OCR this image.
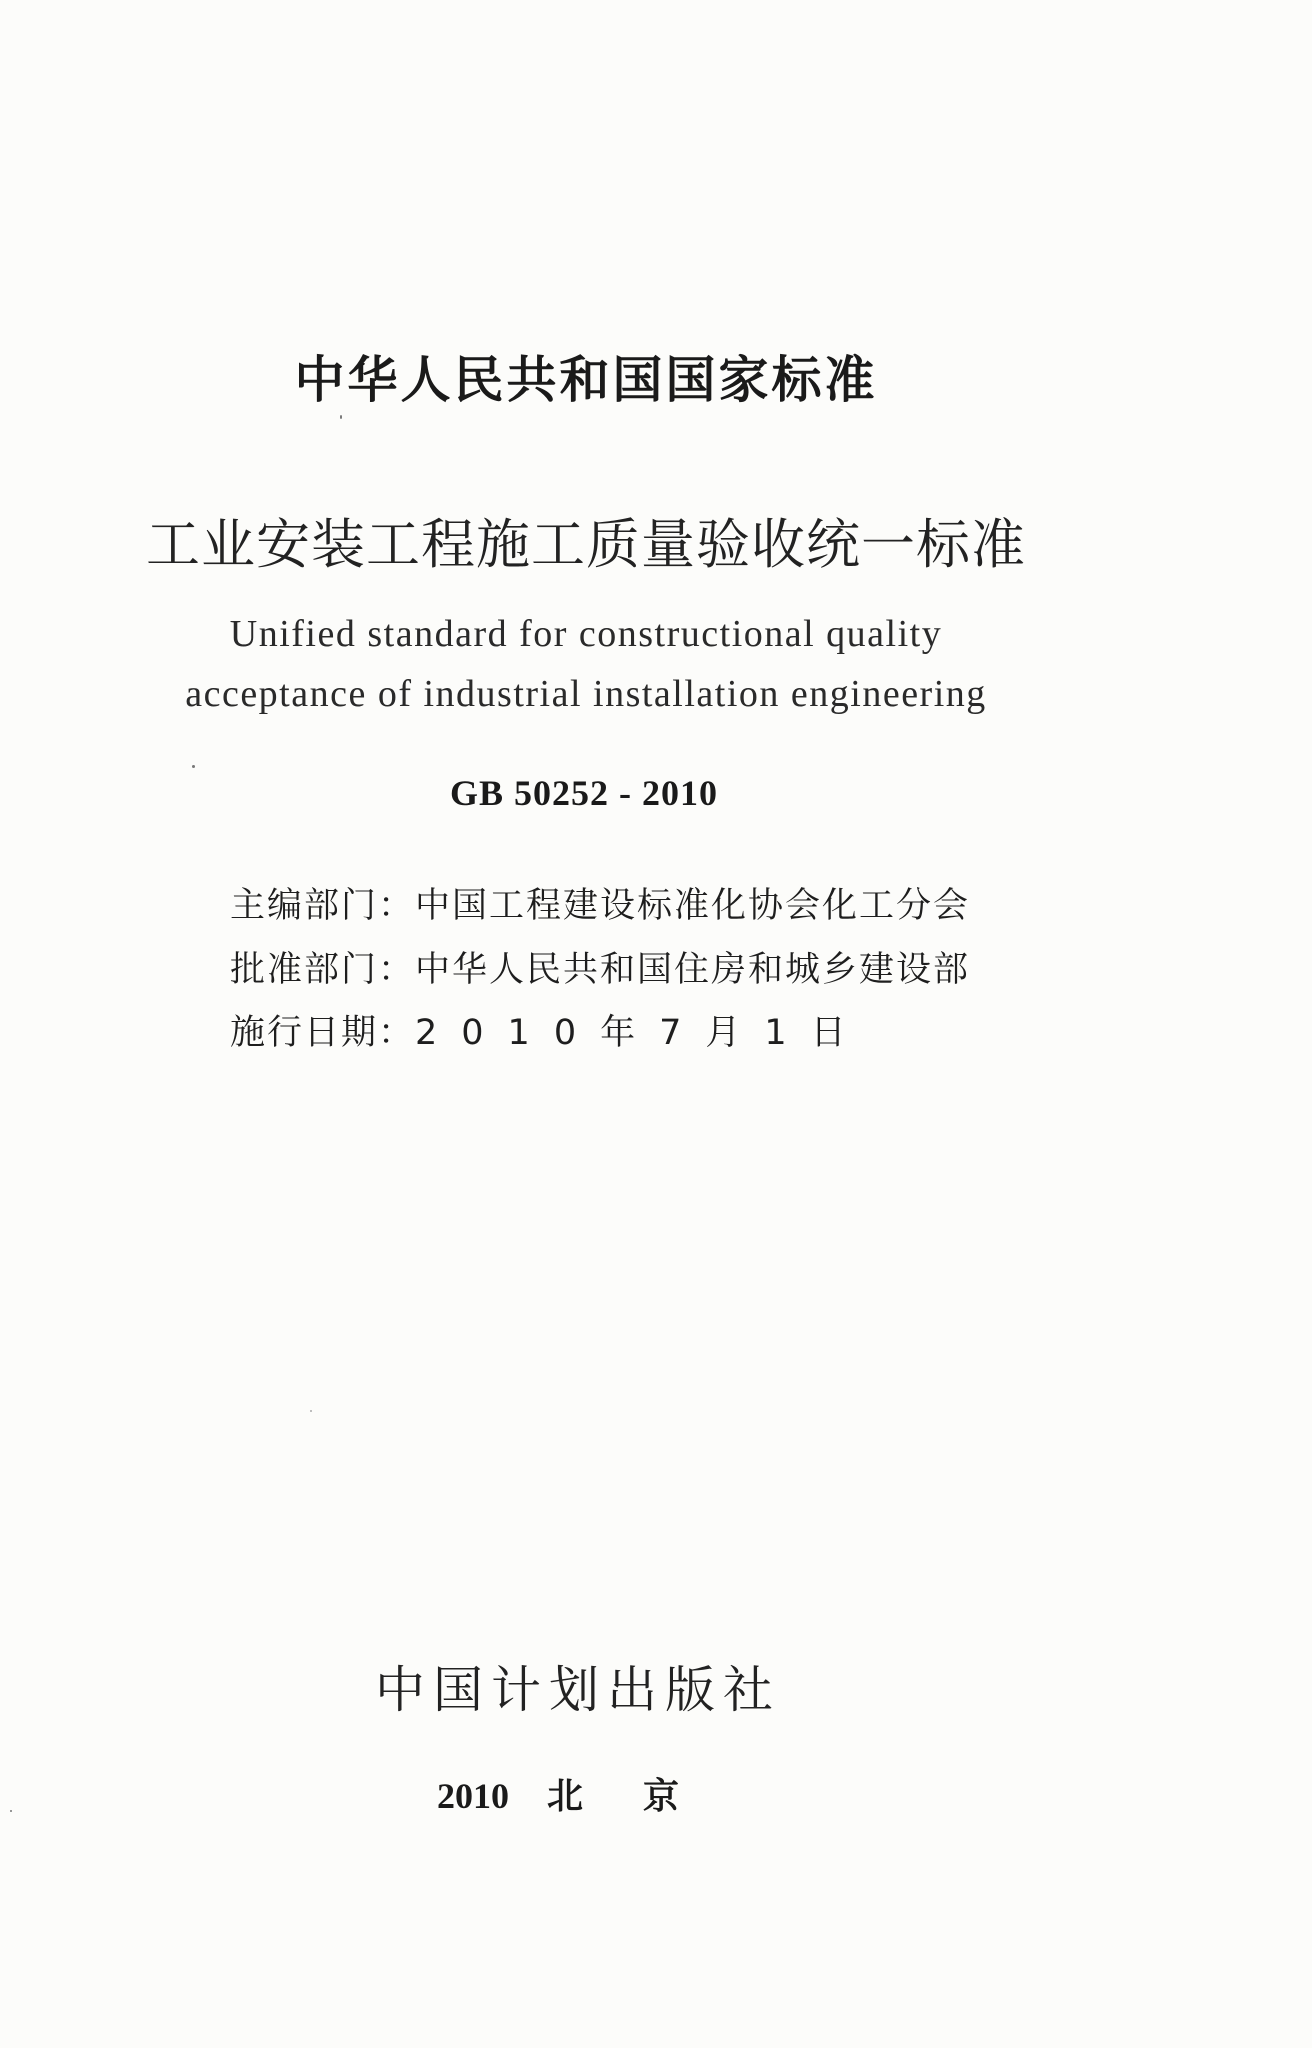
中华人民共和国国家标准
工业安装工程施工质量验收统一标准
Unified standard for constructional quality
acceptance of industrial installation engineering
GB 50252 - 2010
主编部门：中国工程建设标准化协会化工分会
批准部门：中华人民共和国住房和城乡建设部
施行日期：2010年7月1日
中国计划出版社
2010 北京
